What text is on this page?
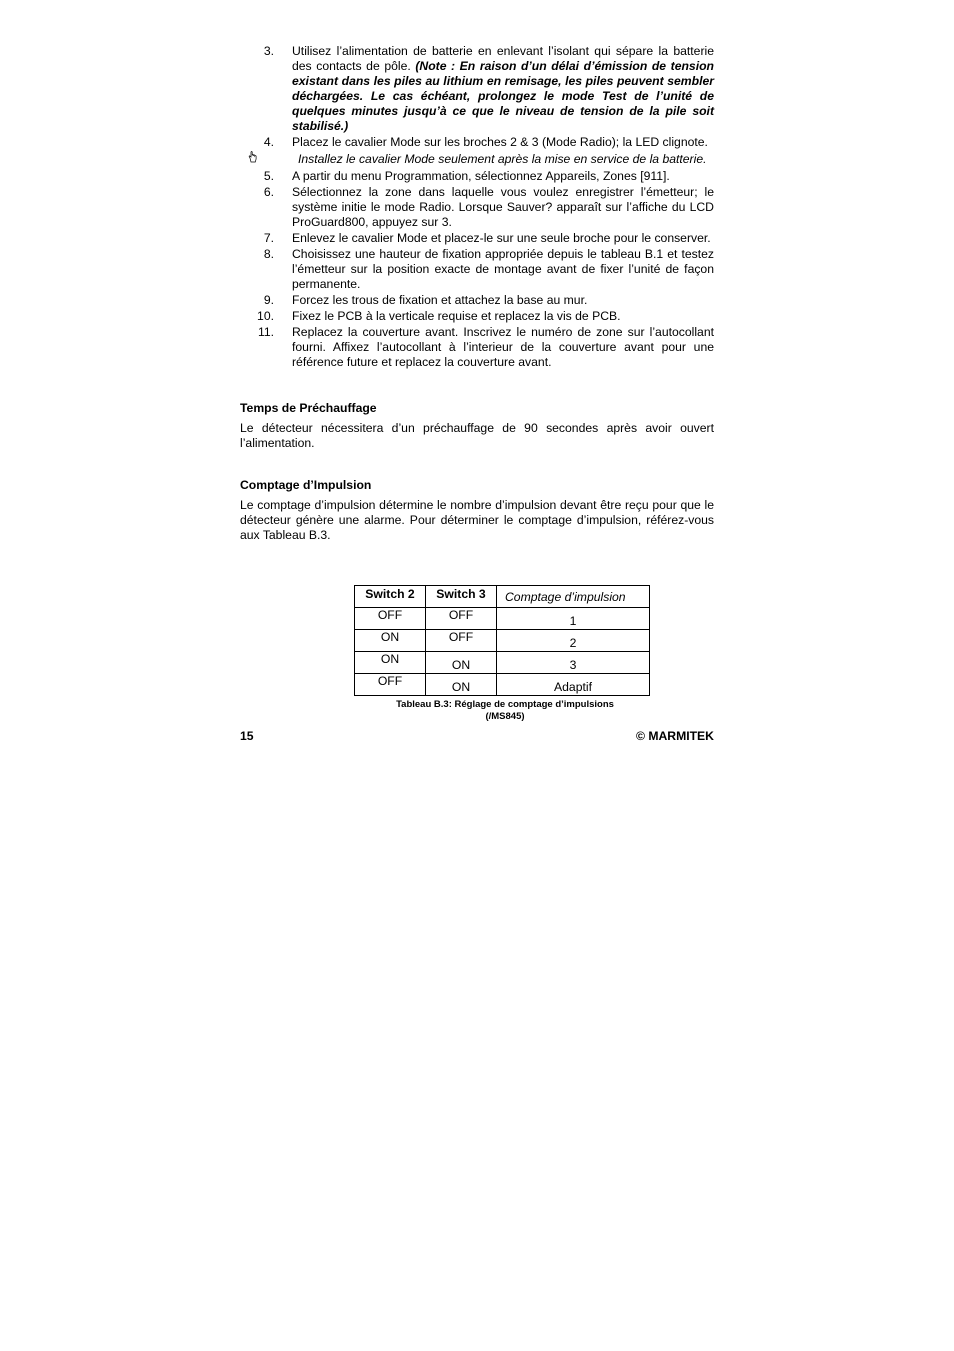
3. Utilisez l’alimentation de batterie en enlevant l’isolant qui sépare la batterie des contacts de pôle. (Note : En raison d’un délai d’émission de tension existant dans les piles au lithium en remisage, les piles peuvent sembler déchargées. Le cas échéant, prolongez le mode Test de l’unité de quelques minutes jusqu’à ce que le niveau de tension de la pile soit stabilisé.)
4. Placez le cavalier Mode sur les broches 2 & 3 (Mode Radio); la LED clignote.
Installez le cavalier Mode seulement après la mise en service de la batterie.
5. A partir du menu Programmation, sélectionnez Appareils, Zones [911].
6. Sélectionnez la zone dans laquelle vous voulez enregistrer l’émetteur; le système initie le mode Radio. Lorsque Sauver? apparaît sur l’affiche du LCD ProGuard800, appuyez sur 3.
7. Enlevez le cavalier Mode et placez-le sur une seule broche pour le conserver.
8. Choisissez une hauteur de fixation appropriée depuis le tableau B.1 et testez l’émetteur sur la position exacte de montage avant de fixer l’unité de façon permanente.
9. Forcez les trous de fixation et attachez la base au mur.
10. Fixez le PCB à la verticale requise et replacez la vis de PCB.
11. Replacez la couverture avant. Inscrivez le numéro de zone sur l’autocollant fourni. Affixez l’autocollant à l’interieur de la couverture avant pour une référence future et replacez la couverture avant.
Temps de Préchauffage

Le détecteur nécessitera d’un préchauffage de 90 secondes après avoir ouvert l’alimentation.

Comptage d’Impulsion

Le comptage d’impulsion détermine le nombre d’impulsion devant être reçu pour que le détecteur génère une alarme. Pour déterminer le comptage d’impulsion, référez-vous aux Tableau B.3.

Switch 2	Switch 3	Comptage d’impulsion
OFF	OFF	1
ON	OFF	2
ON	ON	3
OFF	ON	Adaptif
Tableau B.3: Réglage de comptage d’impulsions
(/MS845)
15	© MARMITEK
